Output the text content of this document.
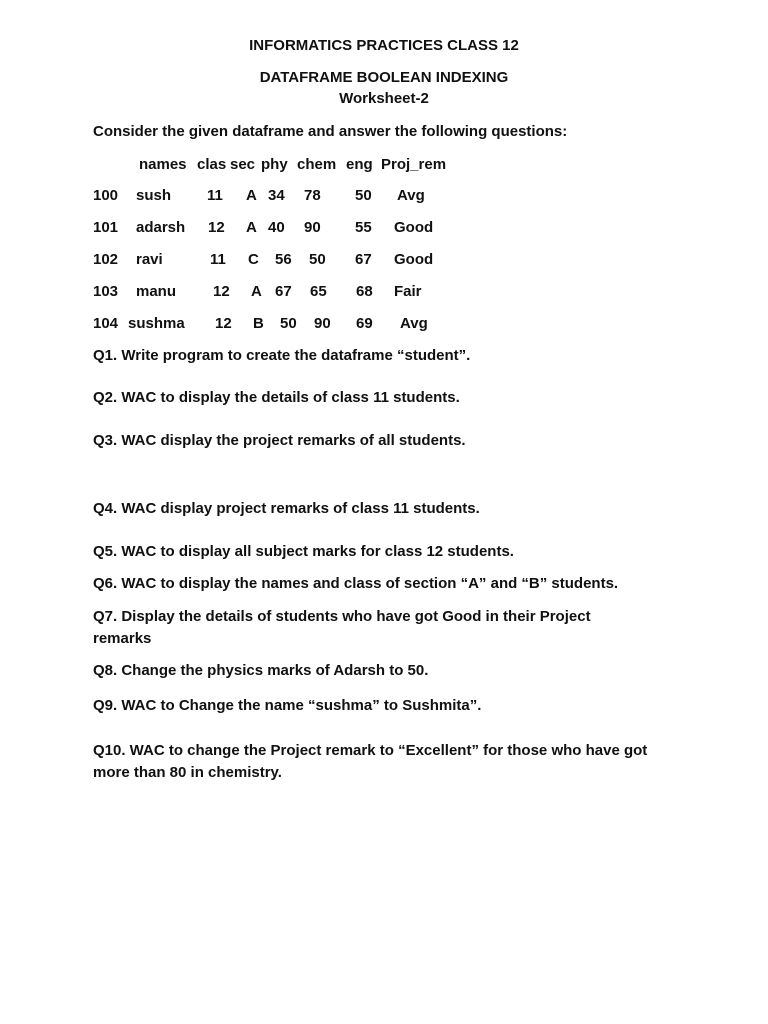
INFORMATICS PRACTICES CLASS 12
DATAFRAME BOOLEAN INDEXING
Worksheet-2
Consider the given dataframe and answer the following questions:
names clas sec phy chem eng Proj_rem
100 sush 11 A 34 78 50 Avg
101 adarsh 12 A 40 90 55 Good
102 ravi	11 C 56 50 67 Good
103 manu 12 A 67 65 68 Fair
104 sushma 12 B 50 90 69 Avg
Q1. Write program to create the dataframe “student”.
Q2. WAC to display the details of class 11 students.
Q3. WAC display the project remarks of all students.
Q4. WAC display project remarks of class 11 students.
Q5. WAC to display all subject marks for class 12 students.
Q6. WAC to display the names and class of section “A” and “B” students.
Q7. Display the details of students who have got Good in their Project remarks
Q8. Change the physics marks of Adarsh to 50.
Q9. WAC to Change the name “sushma” to Sushmita”.
Q10. WAC to change the Project remark to “Excellent” for those who have got more than 80 in chemistry.
